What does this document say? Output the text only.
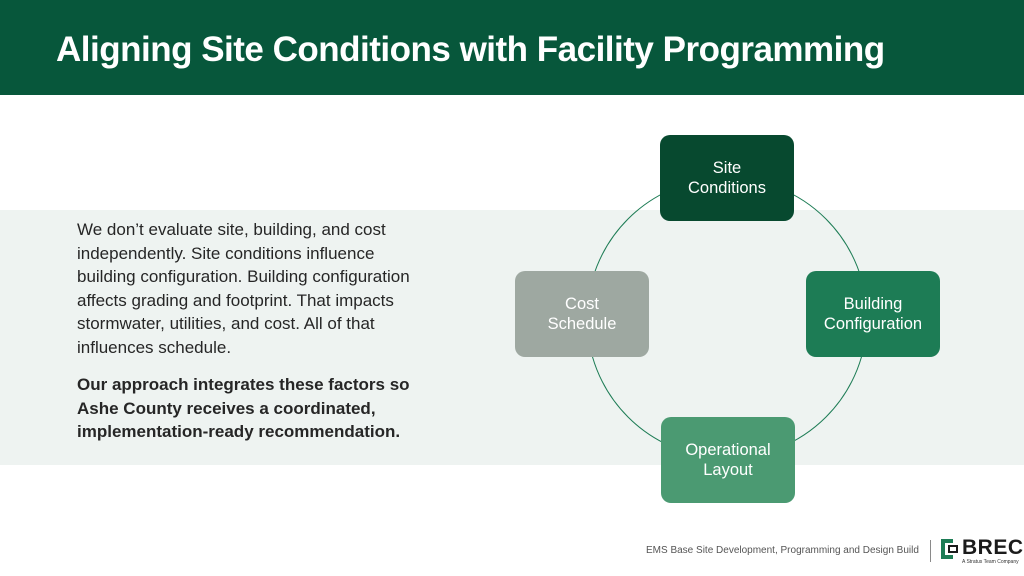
Aligning Site Conditions with Facility Programming

We don’t evaluate site, building, and cost independently. Site conditions influence building configuration. Building configuration affects grading and footprint. That impacts stormwater, utilities, and cost. All of that influences schedule.

Our approach integrates these factors so Ashe County receives a coordinated, implementation-ready recommendation.

Site
Conditions
Building
Configuration
Operational
Layout
Cost
Schedule
EMS Base Site Development, Programming and Design Build BREC
A Stratus Team Company
